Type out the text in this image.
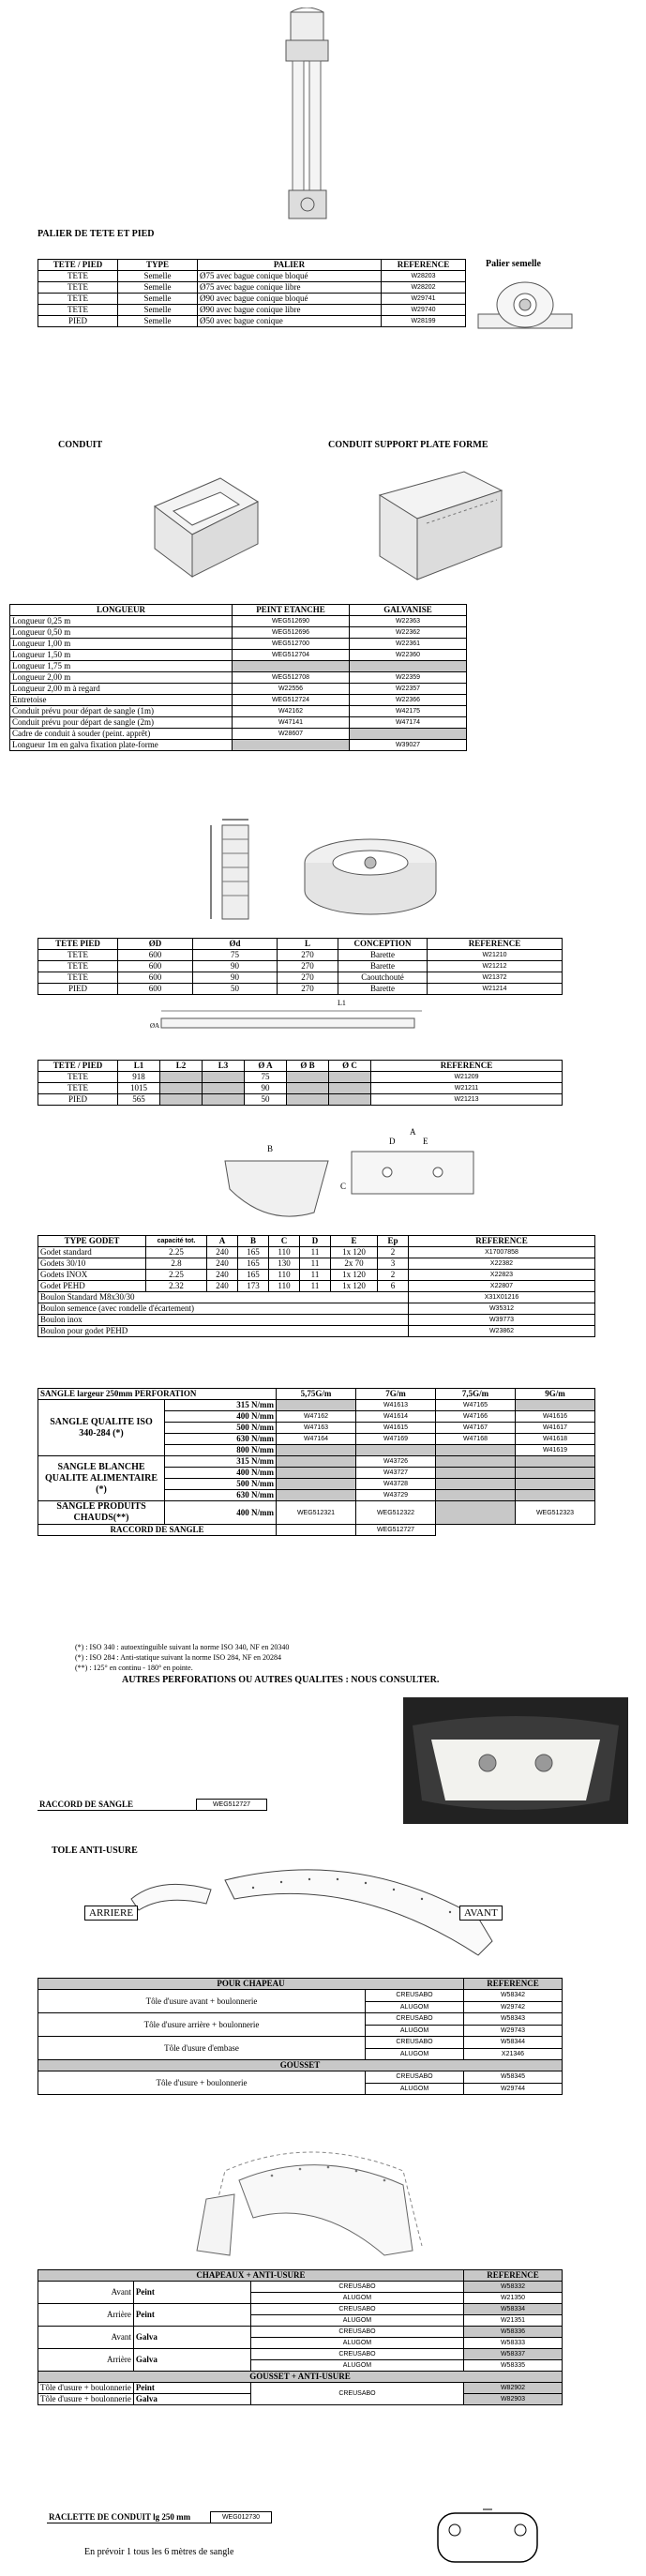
PALIER DE TETE ET PIED
Palier semelle
TETE / PIED	TYPE	PALIER	REFERENCE
TETE	Semelle	Ø75 avec bague conique bloqué	W28203
TETE	Semelle	Ø75 avec bague conique libre	W28202
TETE	Semelle	Ø90 avec bague conique bloqué	W29741
TETE	Semelle	Ø90 avec bague conique libre	W29740
PIED	Semelle	Ø50 avec bague conique	W28199
CONDUIT	CONDUIT SUPPORT PLATE FORME
LONGUEUR	PEINT ETANCHE	GALVANISE
Longueur 0,25 m	WEG512690	W22363
Longueur 0,50 m	WEG512696	W22362
Longueur 1,00 m	WEG512700	W22361
Longueur 1,50 m	WEG512704	W22360
Longueur 1,75 m		
Longueur 2,00 m	WEG512708	W22359
Longueur 2,00 m à regard	W22556	W22357
Entretoise	WEG512724	W22366
Conduit prévu pour départ de sangle (1m)	W42162	W42175
Conduit prévu pour départ de sangle (2m)	W47141	W47174
Cadre de conduit à souder (peint. apprêt)	W28607	
Longueur 1m en galva fixation plate-forme		W39027
TETE PIED	ØD	Ød	L	CONCEPTION	REFERENCE
TETE	600	75	270	Barette	W21210
TETE	600	90	270	Barette	W21212
TETE	600	90	270	Caoutchouté	W21372
PIED	600	50	270	Barette	W21214
L1
ØA
TETE / PIED	L1	L2	L3	Ø A	Ø B	Ø C	REFERENCE
TETE	918			75			W21209
TETE	1015			90			W21211
PIED	565			50			W21213
B
C
A
D	E
TYPE GODET	capacité tot.	A	B	C	D	E	Ep	REFERENCE
Godet standard	2.25	240	165	110	11	1x 120	2	X17007858
Godets 30/10	2.8	240	165	130	11	2x 70	3	X22382
Godets INOX	2.25	240	165	110	11	1x 120	2	X22823
Godet PEHD	2.32	240	173	110	11	1x 120	6	X22807
Boulon Standard M8x30/30								X31X01216
Boulon semence (avec rondelle d'écartement)								W35312
Boulon inox								W39773
Boulon pour godet PEHD								W23862
SANGLE largeur 250mm PERFORATION		5,75G/m	7G/m	7,5G/m	9G/m
SANGLE QUALITE ISO 340-284 (*)	315 N/mm		W41613	W47165	
	400 N/mm	W47162	W41614	W47166	W41616
	500 N/mm	W47163	W41615	W47167	W41617
	630 N/mm	W47164	W47169	W47168	W41618
	800 N/mm				W41619
SANGLE BLANCHE QUALITE ALIMENTAIRE (*)	315 N/mm		W43726		
	400 N/mm		W43727		
	500 N/mm		W43728		
	630 N/mm		W43729		
SANGLE PRODUITS CHAUDS(**)	400 N/mm	WEG512321	WEG512322		WEG512323
RACCORD DE SANGLE			WEG512727		
(*) : ISO 340 : autoextinguible suivant la norme ISO 340, NF en 20340
(*) : ISO 284 : Anti-statique suivant la norme ISO 284, NF en 20284
(**) : 125° en continu - 180° en pointe.
AUTRES PERFORATIONS OU AUTRES QUALITES : NOUS CONSULTER.
RACCORD DE SANGLE	WEG512727
TOLE ANTI-USURE
ARRIERE	AVANT
POUR CHAPEAU		REFERENCE
Tôle d'usure avant + boulonnerie	CREUSABO	W58342
	ALUGOM	W29742
Tôle d'usure arrière + boulonnerie	CREUSABO	W58343
	ALUGOM	W29743
Tôle d'usure d'embase	CREUSABO	W58344
	ALUGOM	X21346
GOUSSET		
Tôle d'usure + boulonnerie	CREUSABO	W58345
	ALUGOM	W29744
CHAPEAUX + ANTI-USURE			REFERENCE
Avant	Peint	CREUSABO	W58332
		ALUGOM	W21350
Arrière	Peint	CREUSABO	W58334
		ALUGOM	W21351
Avant	Galva	CREUSABO	W58336
		ALUGOM	W58333
Arrière	Galva	CREUSABO	W58337
		ALUGOM	W58335
GOUSSET + ANTI-USURE			
Tôle d'usure + boulonnerie	Peint	CREUSABO	W82902
Tôle d'usure + boulonnerie	Galva		W82903
RACLETTE DE CONDUIT lg 250 mm	WEG012730
En prévoir 1 tous les 6 mètres de sangle
